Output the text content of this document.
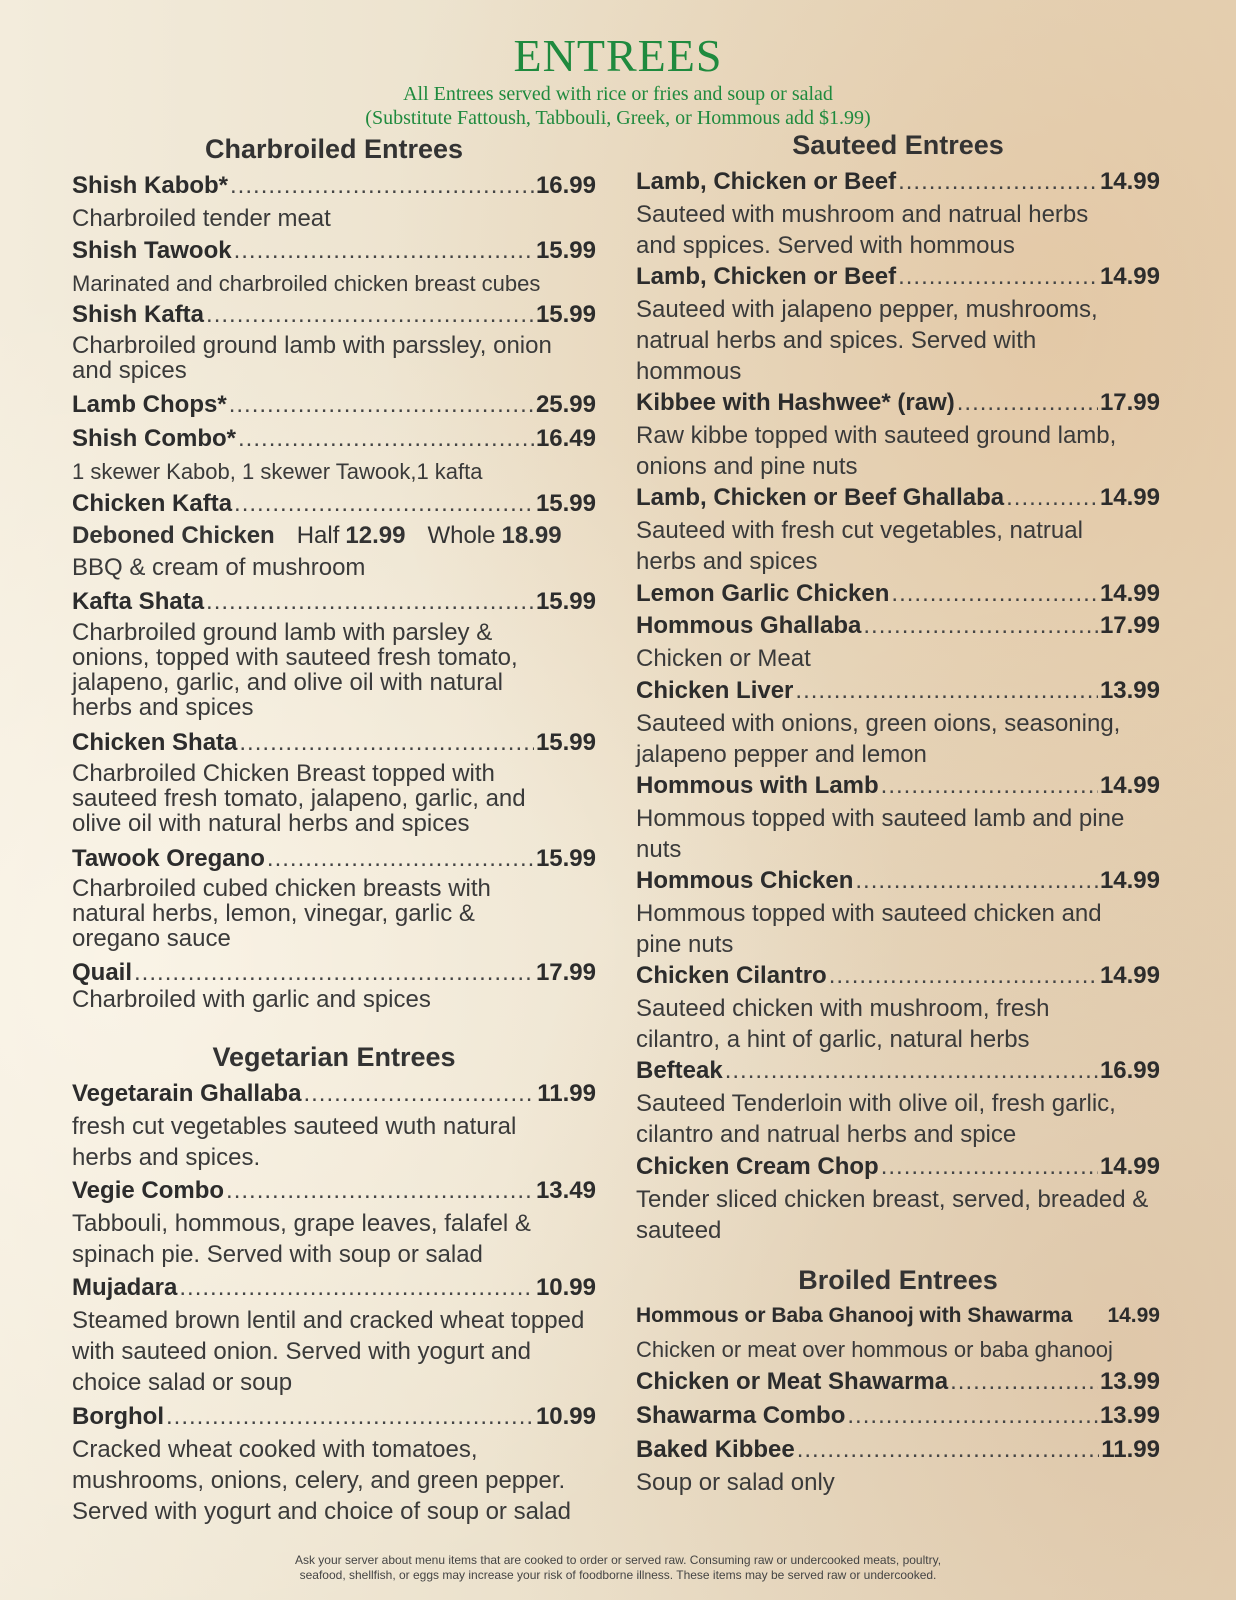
ENTREES
All Entrees served with rice or fries and soup or salad
(Substitute Fattoush, Tabbouli, Greek, or Hommous add $1.99)
Charbroiled Entrees
Shish Kabob* .....	16.99
Charbroiled tender meat
Shish Tawook .....	15.99
Marinated and charbroiled chicken breast cubes
Shish Kafta .....	15.99
Charbroiled ground lamb with parssley, onion
and spices
Lamb Chops* .....	25.99
Shish Combo* .....	16.49
1 skewer Kabob, 1 skewer Tawook,1 kafta
Chicken Kafta .....	15.99
Deboned Chicken Half 12.99 Whole 18.99
BBQ & cream of mushroom
Kafta Shata .....	15.99
Charbroiled ground lamb with parsley &
onions, topped with sauteed fresh tomato,
jalapeno, garlic, and olive oil with natural
herbs and spices
Chicken Shata .....	15.99
Charbroiled Chicken Breast topped with
sauteed fresh tomato, jalapeno, garlic, and
olive oil with natural herbs and spices
Tawook Oregano .....	15.99
Charbroiled cubed chicken breasts with
natural herbs, lemon, vinegar, garlic &
oregano sauce
Quail .....	17.99
Charbroiled with garlic and spices
Vegetarian Entrees
Vegetarain Ghallaba .....	11.99
fresh cut vegetables sauteed wuth natural
herbs and spices.
Vegie Combo .....	13.49
Tabbouli, hommous, grape leaves, falafel &
spinach pie. Served with soup or salad
Mujadara .....	10.99
Steamed brown lentil and cracked wheat topped
with sauteed onion. Served with yogurt and
choice salad or soup
Borghol .....	10.99
Cracked wheat cooked with tomatoes,
mushrooms, onions, celery, and green pepper.
Served with yogurt and choice of soup or salad
Sauteed Entrees
Lamb, Chicken or Beef .....	14.99
Sauteed with mushroom and natrual herbs
and sppices. Served with hommous
Lamb, Chicken or Beef .....	14.99
Sauteed with jalapeno pepper, mushrooms,
natrual herbs and spices. Served with
hommous
Kibbee with Hashwee* (raw) .....	17.99
Raw kibbe topped with sauteed ground lamb,
onions and pine nuts
Lamb, Chicken or Beef Ghallaba .....	14.99
Sauteed with fresh cut vegetables, natrual
herbs and spices
Lemon Garlic Chicken .....	14.99
Hommous Ghallaba .....	17.99
Chicken or Meat
Chicken Liver .....	13.99
Sauteed with onions, green oions, seasoning,
jalapeno pepper and lemon
Hommous with Lamb .....	14.99
Hommous topped with sauteed lamb and pine
nuts
Hommous Chicken .....	14.99
Hommous topped with sauteed chicken and
pine nuts
Chicken Cilantro .....	14.99
Sauteed chicken with mushroom, fresh
cilantro, a hint of garlic, natural herbs
Befteak .....	16.99
Sauteed Tenderloin with olive oil, fresh garlic,
cilantro and natrual herbs and spice
Chicken Cream Chop .....	14.99
Tender sliced chicken breast, served, breaded &
sauteed
Broiled Entrees
Hommous or Baba Ghanooj with Shawarma 14.99
Chicken or meat over hommous or baba ghanooj
Chicken or Meat Shawarma .....	13.99
Shawarma Combo .....	13.99
Baked Kibbee .....	11.99
Soup or salad only
Ask your server about menu items that are cooked to order or served raw. Consuming raw or undercooked meats, poultry,
seafood, shellfish, or eggs may increase your risk of foodborne illness. These items may be served raw or undercooked.
